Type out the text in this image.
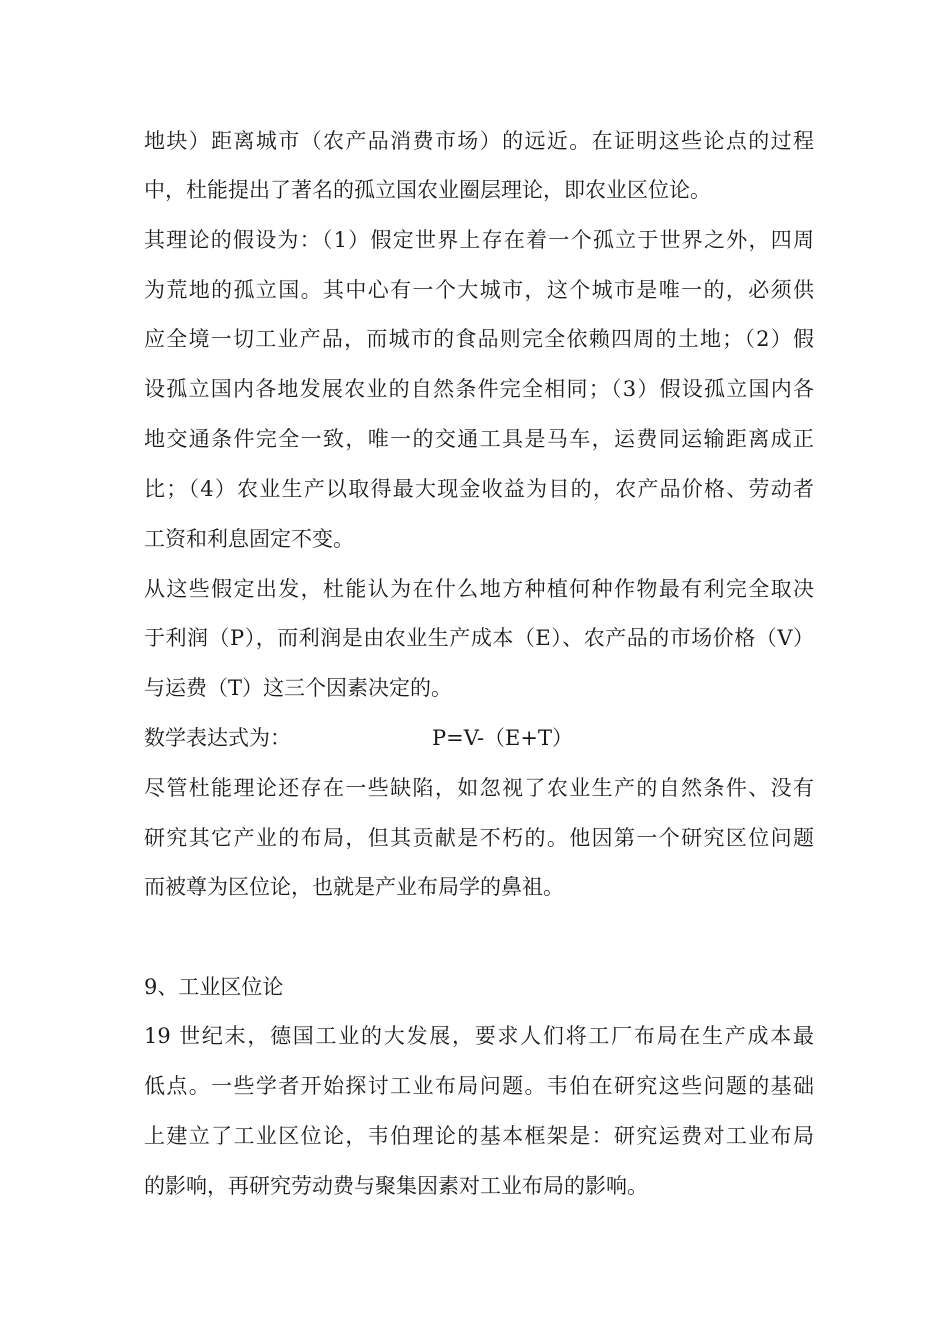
地块）距离城市（农产品消费市场）的远近。在证明这些论点的过程
中，杜能提出了著名的孤立国农业圈层理论，即农业区位论。
其理论的假设为：（1）假定世界上存在着一个孤立于世界之外，四周
为荒地的孤立国。其中心有一个大城市，这个城市是唯一的，必须供
应全境一切工业产品，而城市的食品则完全依赖四周的土地；（2）假
设孤立国内各地发展农业的自然条件完全相同；（3）假设孤立国内各
地交通条件完全一致，唯一的交通工具是马车，运费同运输距离成正
比；（4）农业生产以取得最大现金收益为目的，农产品价格、劳动者
工资和利息固定不变。
从这些假定出发，杜能认为在什么地方种植何种作物最有利完全取决
于利润（P），而利润是由农业生产成本（E）、农产品的市场价格（V）
与运费（T）这三个因素决定的。
数学表达式为：	P=V-（E+T）
尽管杜能理论还存在一些缺陷，如忽视了农业生产的自然条件、没有
研究其它产业的布局，但其贡献是不朽的。他因第一个研究区位问题
而被尊为区位论，也就是产业布局学的鼻祖。
9、工业区位论
19 世纪末，德国工业的大发展，要求人们将工厂布局在生产成本最
低点。一些学者开始探讨工业布局问题。韦伯在研究这些问题的基础
上建立了工业区位论，韦伯理论的基本框架是：研究运费对工业布局
的影响，再研究劳动费与聚集因素对工业布局的影响。
